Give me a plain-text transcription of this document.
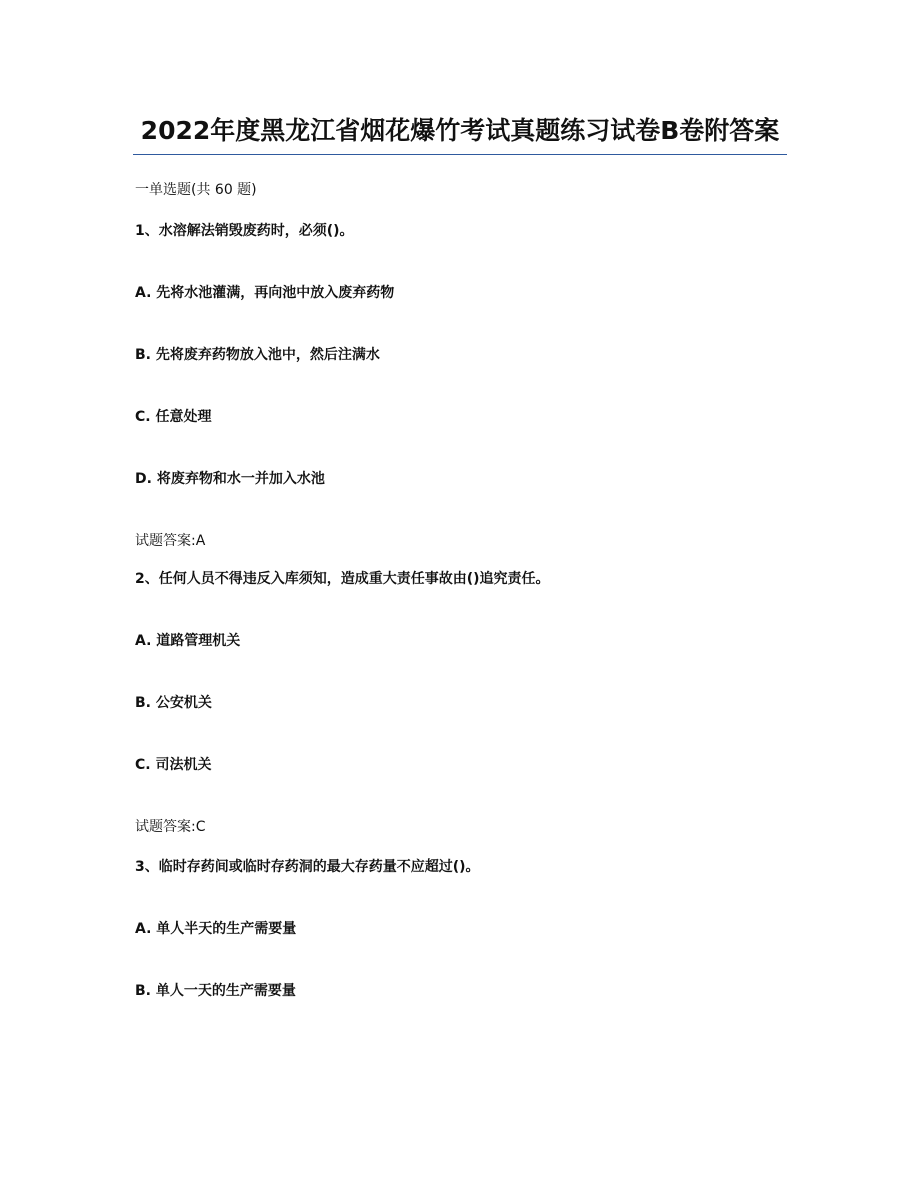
2022年度黑龙江省烟花爆竹考试真题练习试卷B卷附答案

一单选题(共 60 题)

1、水溶解法销毁废药时，必须()。

A. 先将水池灌满，再向池中放入废弃药物

B. 先将废弃药物放入池中，然后注满水

C. 任意处理

D. 将废弃物和水一并加入水池

试题答案:A

2、任何人员不得违反入库须知，造成重大责任事故由()追究责任。

A. 道路管理机关

B. 公安机关

C. 司法机关

试题答案:C

3、临时存药间或临时存药洞的最大存药量不应超过()。

A. 单人半天的生产需要量

B. 单人一天的生产需要量
